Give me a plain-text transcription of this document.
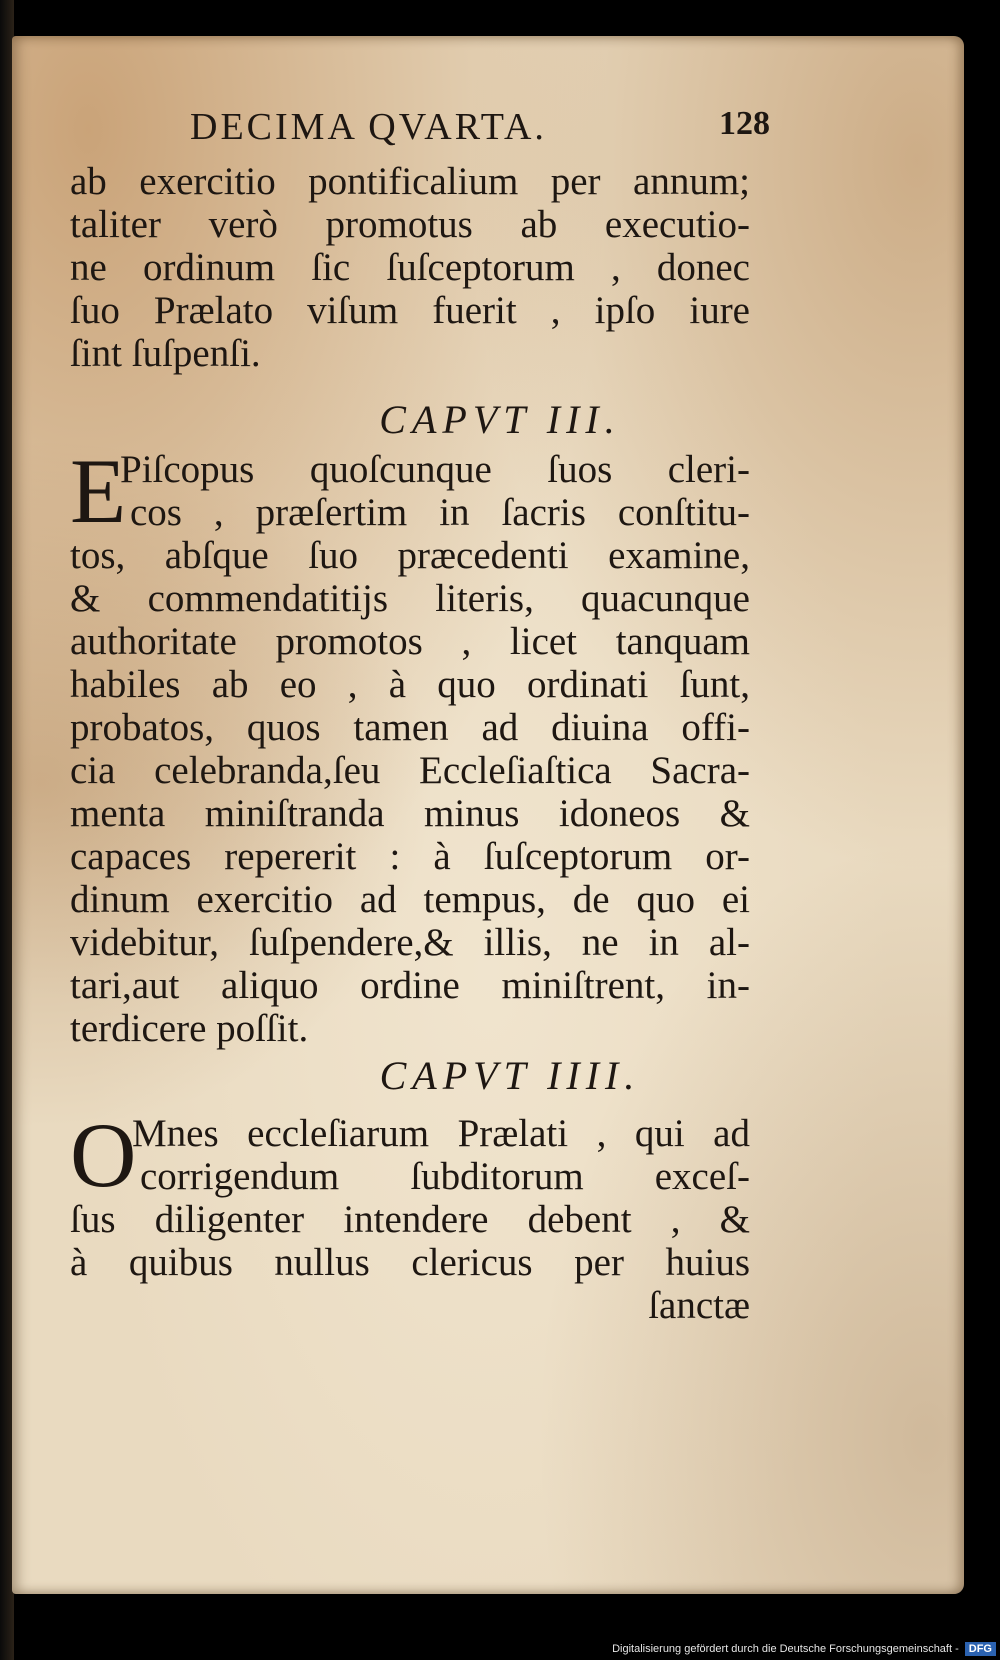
DECIMA QVARTA.	128
ab exercitio pontificalium per annum;
taliter verò promotus ab executio-
ne ordinum ſic ſuſceptorum , donec
ſuo Prælato viſum fuerit , ipſo iure
ſint ſuſpenſi.
CAPVT III.
E
Piſcopus quoſcunque ſuos cleri-
cos , præſertim in ſacris conſtitu-
tos, abſque ſuo præcedenti examine,
& commendatitijs literis, quacunque
authoritate promotos , licet tanquam
habiles ab eo , à quo ordinati ſunt,
probatos, quos tamen ad diuina offi-
cia celebranda,ſeu Eccleſiaſtica Sacra-
menta miniſtranda minus idoneos &
capaces repererit : à ſuſceptorum or-
dinum exercitio ad tempus, de quo ei
videbitur, ſuſpendere,& illis, ne in al-
tari,aut aliquo ordine miniſtrent, in-
terdicere poſſit.
CAPVT IIII.
O
Mnes eccleſiarum Prælati , qui ad
corrigendum ſubditorum exceſ-
ſus diligenter intendere debent , &
à quibus nullus clericus per huius
ſanctæ
Digitalisierung gefördert durch die Deutsche Forschungsgemeinschaft - DFG
